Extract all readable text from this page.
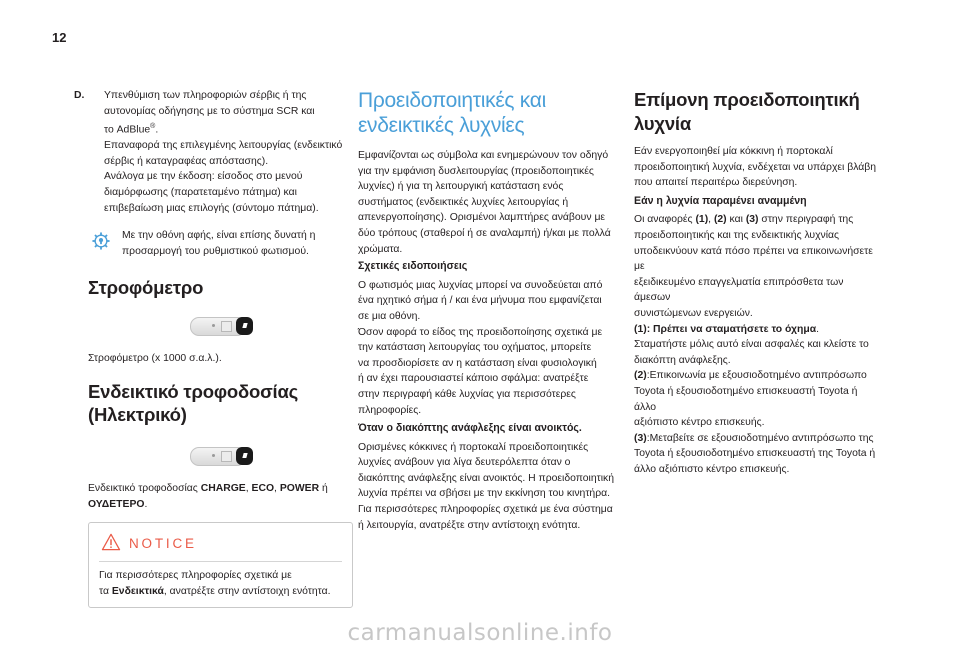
12
D.	Υπενθύμιση των πληροφοριών σέρβις ή της
αυτονομίας οδήγησης με το σύστημα SCR και
το AdBlue®.
Επαναφορά της επιλεγμένης λειτουργίας (ενδεικτικό
σέρβις ή καταγραφέας απόστασης).
Ανάλογα με την έκδοση: είσοδος στο μενού
διαμόρφωσης (παρατεταμένο πάτημα) και
επιβεβαίωση μιας επιλογής (σύντομο πάτημα).

Με την οθόνη αφής, είναι επίσης δυνατή η
προσαρμογή του ρυθμιστικού φωτισμού.

Στροφόμετρο

Στροφόμετρο (x 1000 σ.α.λ.).

Ενδεικτικό τροφοδοσίας
(Ηλεκτρικό)

Ενδεικτικό τροφοδοσίας CHARGE, ECO, POWER ή
ΟΥΔΕΤΕΡΟ.

NOTICE
Για περισσότερες πληροφορίες σχετικά με
τα Ενδεικτικά, ανατρέξτε στην αντίστοιχη ενότητα.
Προειδοποιητικές και
ενδεικτικές λυχνίες

Εμφανίζονται ως σύμβολα και ενημερώνουν τον οδηγό
για την εμφάνιση δυσλειτουργίας (προειδοποιητικές
λυχνίες) ή για τη λειτουργική κατάσταση ενός
συστήματος (ενδεικτικές λυχνίες λειτουργίας ή
απενεργοποίησης). Ορισμένοι λαμπτήρες ανάβουν με
δύο τρόπους (σταθεροί ή σε αναλαμπή) ή/και με πολλά
χρώματα.

Σχετικές ειδοποιήσεις

Ο φωτισμός μιας λυχνίας μπορεί να συνοδεύεται από
ένα ηχητικό σήμα ή / και ένα μήνυμα που εμφανίζεται
σε μια οθόνη.
Όσον αφορά το είδος της προειδοποίησης σχετικά με
την κατάσταση λειτουργίας του οχήματος, μπορείτε
να προσδιορίσετε αν η κατάσταση είναι φυσιολογική
ή αν έχει παρουσιαστεί κάποιο σφάλμα: ανατρέξτε
στην περιγραφή κάθε λυχνίας για περισσότερες
πληροφορίες.

Όταν ο διακόπτης ανάφλεξης είναι ανοικτός.

Ορισμένες κόκκινες ή πορτοκαλί προειδοποιητικές
λυχνίες ανάβουν για λίγα δευτερόλεπτα όταν ο
διακόπτης ανάφλεξης είναι ανοικτός. Η προειδοποιητική
λυχνία πρέπει να σβήσει με την εκκίνηση του κινητήρα.
Για περισσότερες πληροφορίες σχετικά με ένα σύστημα
ή λειτουργία, ανατρέξτε στην αντίστοιχη ενότητα.

Επίμονη προειδοποιητική
λυχνία

Εάν ενεργοποιηθεί μία κόκκινη ή πορτοκαλί
προειδοποιητική λυχνία, ενδέχεται να υπάρχει βλάβη
που απαιτεί περαιτέρω διερεύνηση.

Εάν η λυχνία παραμένει αναμμένη

Οι αναφορές (1), (2) και (3) στην περιγραφή της
προειδοποιητικής και της ενδεικτικής λυχνίας
υποδεικνύουν κατά πόσο πρέπει να επικοινωνήσετε με
εξειδικευμένο επαγγελματία επιπρόσθετα των άμεσων
συνιστώμενων ενεργειών.

(1): Πρέπει να σταματήσετε το όχημα.
Σταματήστε μόλις αυτό είναι ασφαλές και κλείστε το
διακόπτη ανάφλεξης.

(2):Επικοινωνία με εξουσιοδοτημένο αντιπρόσωπο
Toyota ή εξουσιοδοτημένο επισκευαστή Toyota ή άλλο
αξιόπιστο κέντρο επισκευής.

(3):Μεταβείτε σε εξουσιοδοτημένο αντιπρόσωπο της
Toyota ή εξουσιοδοτημένο επισκευαστή της Toyota ή
άλλο αξιόπιστο κέντρο επισκευής.

carmanualsonline.info
